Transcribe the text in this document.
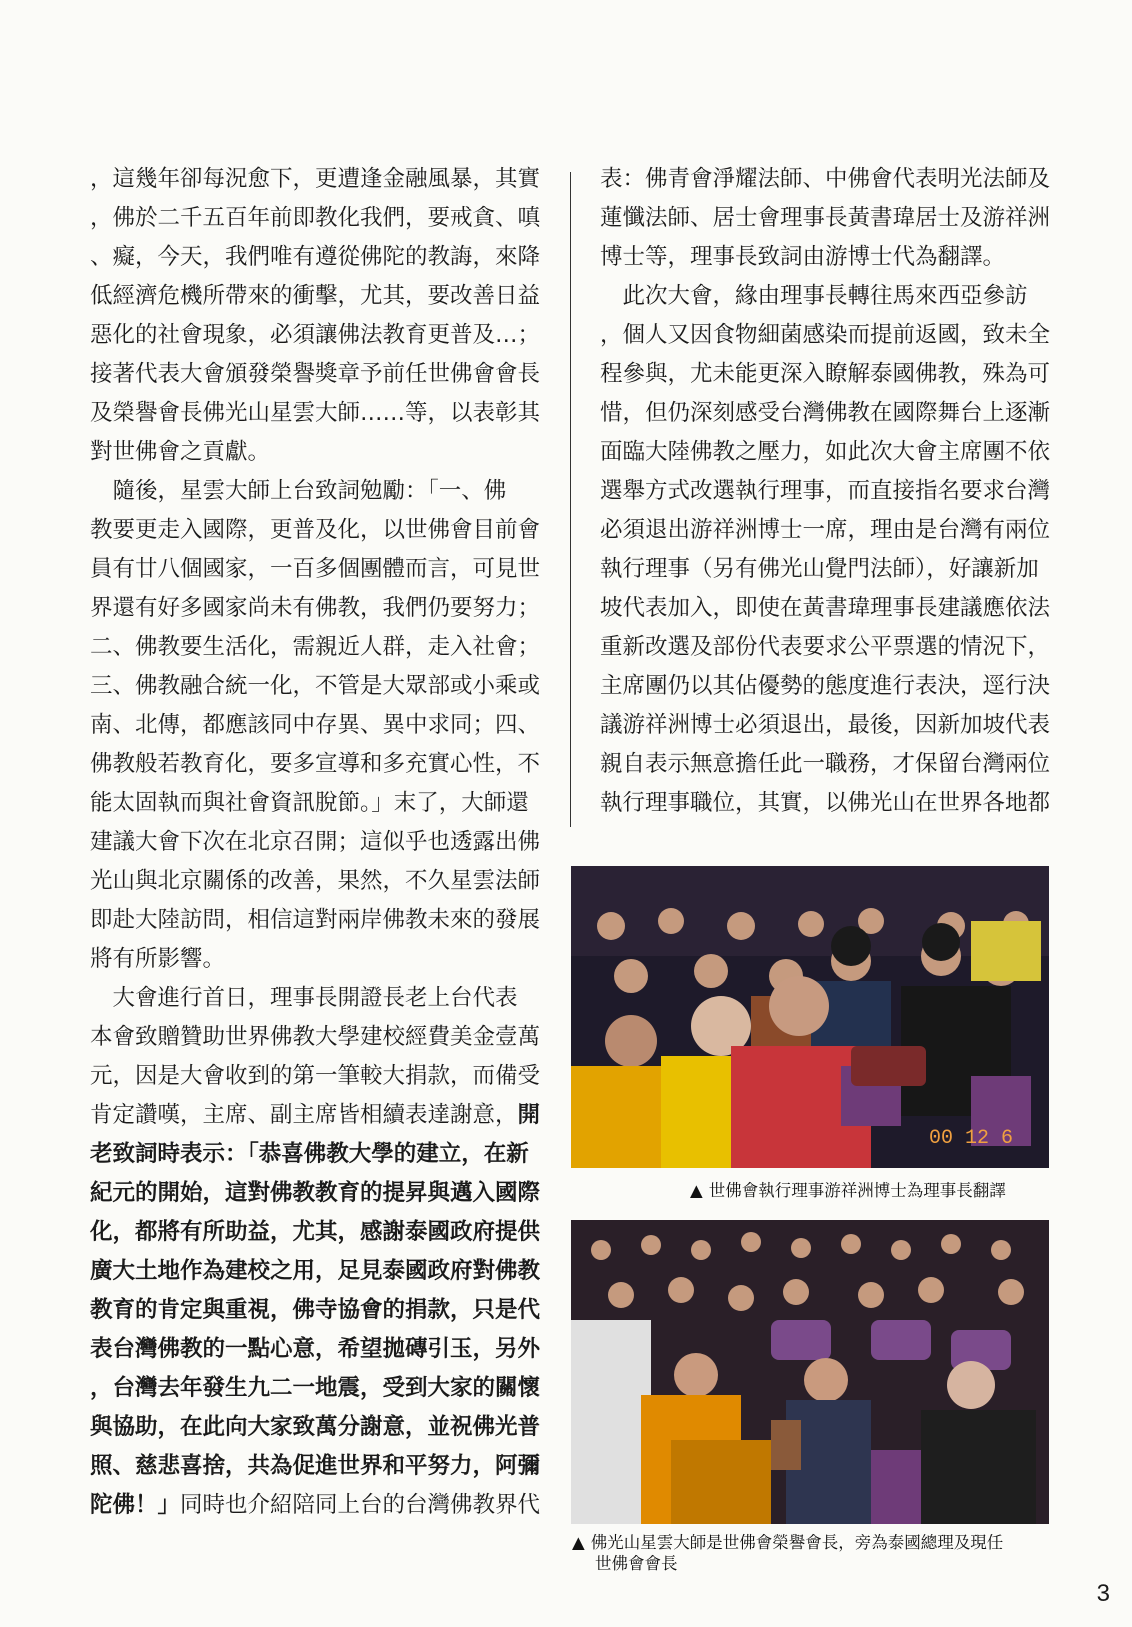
，這幾年卻每況愈下，更遭逢金融風暴，其實

，佛於二千五百年前即教化我們，要戒貪、嗔

、癡，今天，我們唯有遵從佛陀的教誨，來降

低經濟危機所帶來的衝擊，尤其，要改善日益

惡化的社會現象，必須讓佛法教育更普及…；

接著代表大會頒發榮譽獎章予前任世佛會會長

及榮譽會長佛光山星雲大師……等，以表彰其

對世佛會之貢獻。

　隨後，星雲大師上台致詞勉勵：「一、佛

教要更走入國際，更普及化，以世佛會目前會

員有廿八個國家，一百多個團體而言，可見世

界還有好多國家尚未有佛教，我們仍要努力；

二、佛教要生活化，需親近人群，走入社會；

三、佛教融合統一化，不管是大眾部或小乘或

南、北傳，都應該同中存異、異中求同；四、

佛教般若教育化，要多宣導和多充實心性，不

能太固執而與社會資訊脫節。」末了，大師還

建議大會下次在北京召開；這似乎也透露出佛

光山與北京關係的改善，果然，不久星雲法師

即赴大陸訪問，相信這對兩岸佛教未來的發展

將有所影響。

　大會進行首日，理事長開證長老上台代表

本會致贈贊助世界佛教大學建校經費美金壹萬

元，因是大會收到的第一筆較大捐款，而備受

肯定讚嘆，主席、副主席皆相續表達謝意，開

老致詞時表示：「恭喜佛教大學的建立，在新

紀元的開始，這對佛教教育的提昇與邁入國際

化，都將有所助益，尤其，感謝泰國政府提供

廣大土地作為建校之用，足見泰國政府對佛教

教育的肯定與重視，佛寺協會的捐款，只是代

表台灣佛教的一點心意，希望拋磚引玉，另外

，台灣去年發生九二一地震，受到大家的關懷

與協助，在此向大家致萬分謝意，並祝佛光普

照、慈悲喜捨，共為促進世界和平努力，阿彌

陀佛！」同時也介紹陪同上台的台灣佛教界代

表：佛青會淨耀法師、中佛會代表明光法師及

蓮懺法師、居士會理事長黃書瑋居士及游祥洲

博士等，理事長致詞由游博士代為翻譯。

　此次大會，緣由理事長轉往馬來西亞參訪

，個人又因食物細菌感染而提前返國，致未全

程參與，尤未能更深入瞭解泰國佛教，殊為可

惜，但仍深刻感受台灣佛教在國際舞台上逐漸

面臨大陸佛教之壓力，如此次大會主席團不依

選舉方式改選執行理事，而直接指名要求台灣

必須退出游祥洲博士一席，理由是台灣有兩位

執行理事（另有佛光山覺門法師），好讓新加

坡代表加入，即使在黃書瑋理事長建議應依法

重新改選及部份代表要求公平票選的情況下，

主席團仍以其佔優勢的態度進行表決，逕行決

議游祥洲博士必須退出，最後，因新加坡代表

親自表示無意擔任此一職務，才保留台灣兩位

執行理事職位，其實，以佛光山在世界各地都

00 12 6
▲ 世佛會執行理事游祥洲博士為理事長翻譯
▲ 佛光山星雲大師是世佛會榮譽會長，旁為泰國總理及現任
世佛會會長
3
